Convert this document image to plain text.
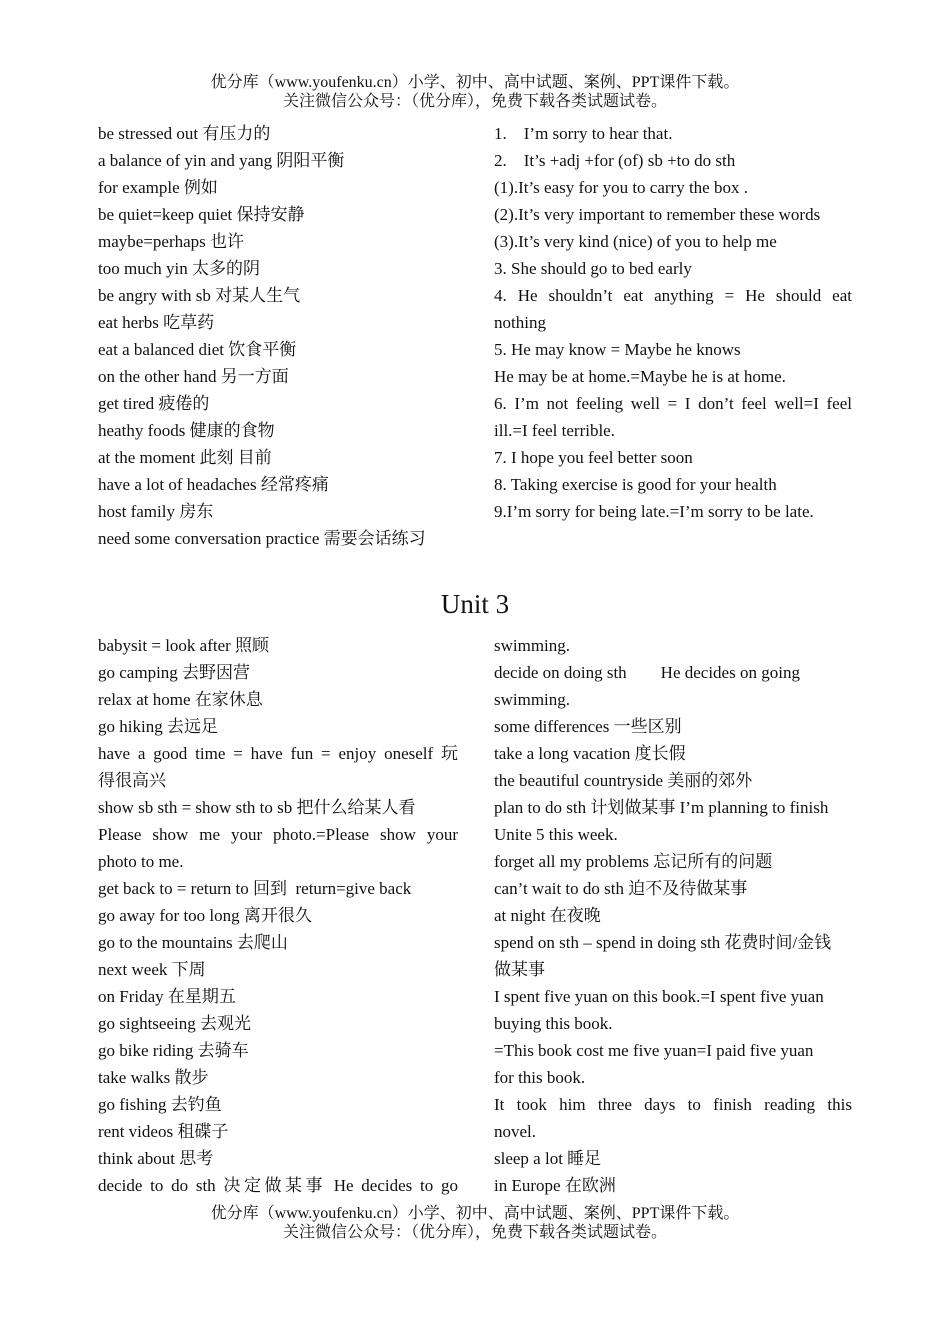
优分库（www.youfenku.cn）小学、初中、高中试题、案例、PPT课件下载。
关注微信公众号：（优分库），免费下载各类试题试卷。
be stressed out 有压力的
a balance of yin and yang 阴阳平衡
for example 例如
be quiet=keep quiet 保持安静
maybe=perhaps 也许
too much yin 太多的阴
be angry with sb 对某人生气
eat herbs 吃草药
eat a balanced diet 饮食平衡
on the other hand 另一方面
get tired 疲倦的
heathy foods 健康的食物
at the moment 此刻 目前
have a lot of headaches 经常疼痛
host family 房东
need some conversation practice 需要会话练习
1.    I’m sorry to hear that.
2.    It’s +adj +for (of) sb +to do sth
(1).It’s easy for you to carry the box .
(2).It’s very important to remember these words
(3).It’s very kind (nice) of you to help me
3. She should go to bed early
4. He shouldn’t eat anything = He should eat
nothing
5. He may know = Maybe he knows
He may be at home.=Maybe he is at home.
6. I’m not feeling well = I don’t feel well=I feel
ill.=I feel terrible.
7. I hope you feel better soon
8. Taking exercise is good for your health
9.I’m sorry for being late.=I’m sorry to be late.
Unit 3
babysit = look after 照顾
go camping 去野因营
relax at home 在家休息
go hiking 去远足
have a good time = have fun = enjoy oneself 玩
得很高兴
show sb sth = show sth to sb 把什么给某人看
Please show me your photo.=Please show your
photo to me.
get back to = return to 回到  return=give back
go away for too long 离开很久
go to the mountains 去爬山
next week 下周
on Friday 在星期五
go sightseeing 去观光
go bike riding 去骑车
take walks 散步
go fishing 去钓鱼
rent videos 租碟子
think about 思考
decide to do sth 决定做某事 He decides to go
swimming.
decide on doing sth        He decides on going
swimming.
some differences 一些区别
take a long vacation 度长假
the beautiful countryside 美丽的郊外
plan to do sth 计划做某事 I’m planning to finish
Unite 5 this week.
forget all my problems 忘记所有的问题
can’t wait to do sth 迫不及待做某事
at night 在夜晚
spend on sth – spend in doing sth 花费时间/金钱
做某事
I spent five yuan on this book.=I spent five yuan
buying this book.
=This book cost me five yuan=I paid five yuan
for this book.
It took him three days to finish reading this
novel.
sleep a lot 睡足
in Europe 在欧洲
优分库（www.youfenku.cn）小学、初中、高中试题、案例、PPT课件下载。
关注微信公众号：（优分库），免费下载各类试题试卷。
